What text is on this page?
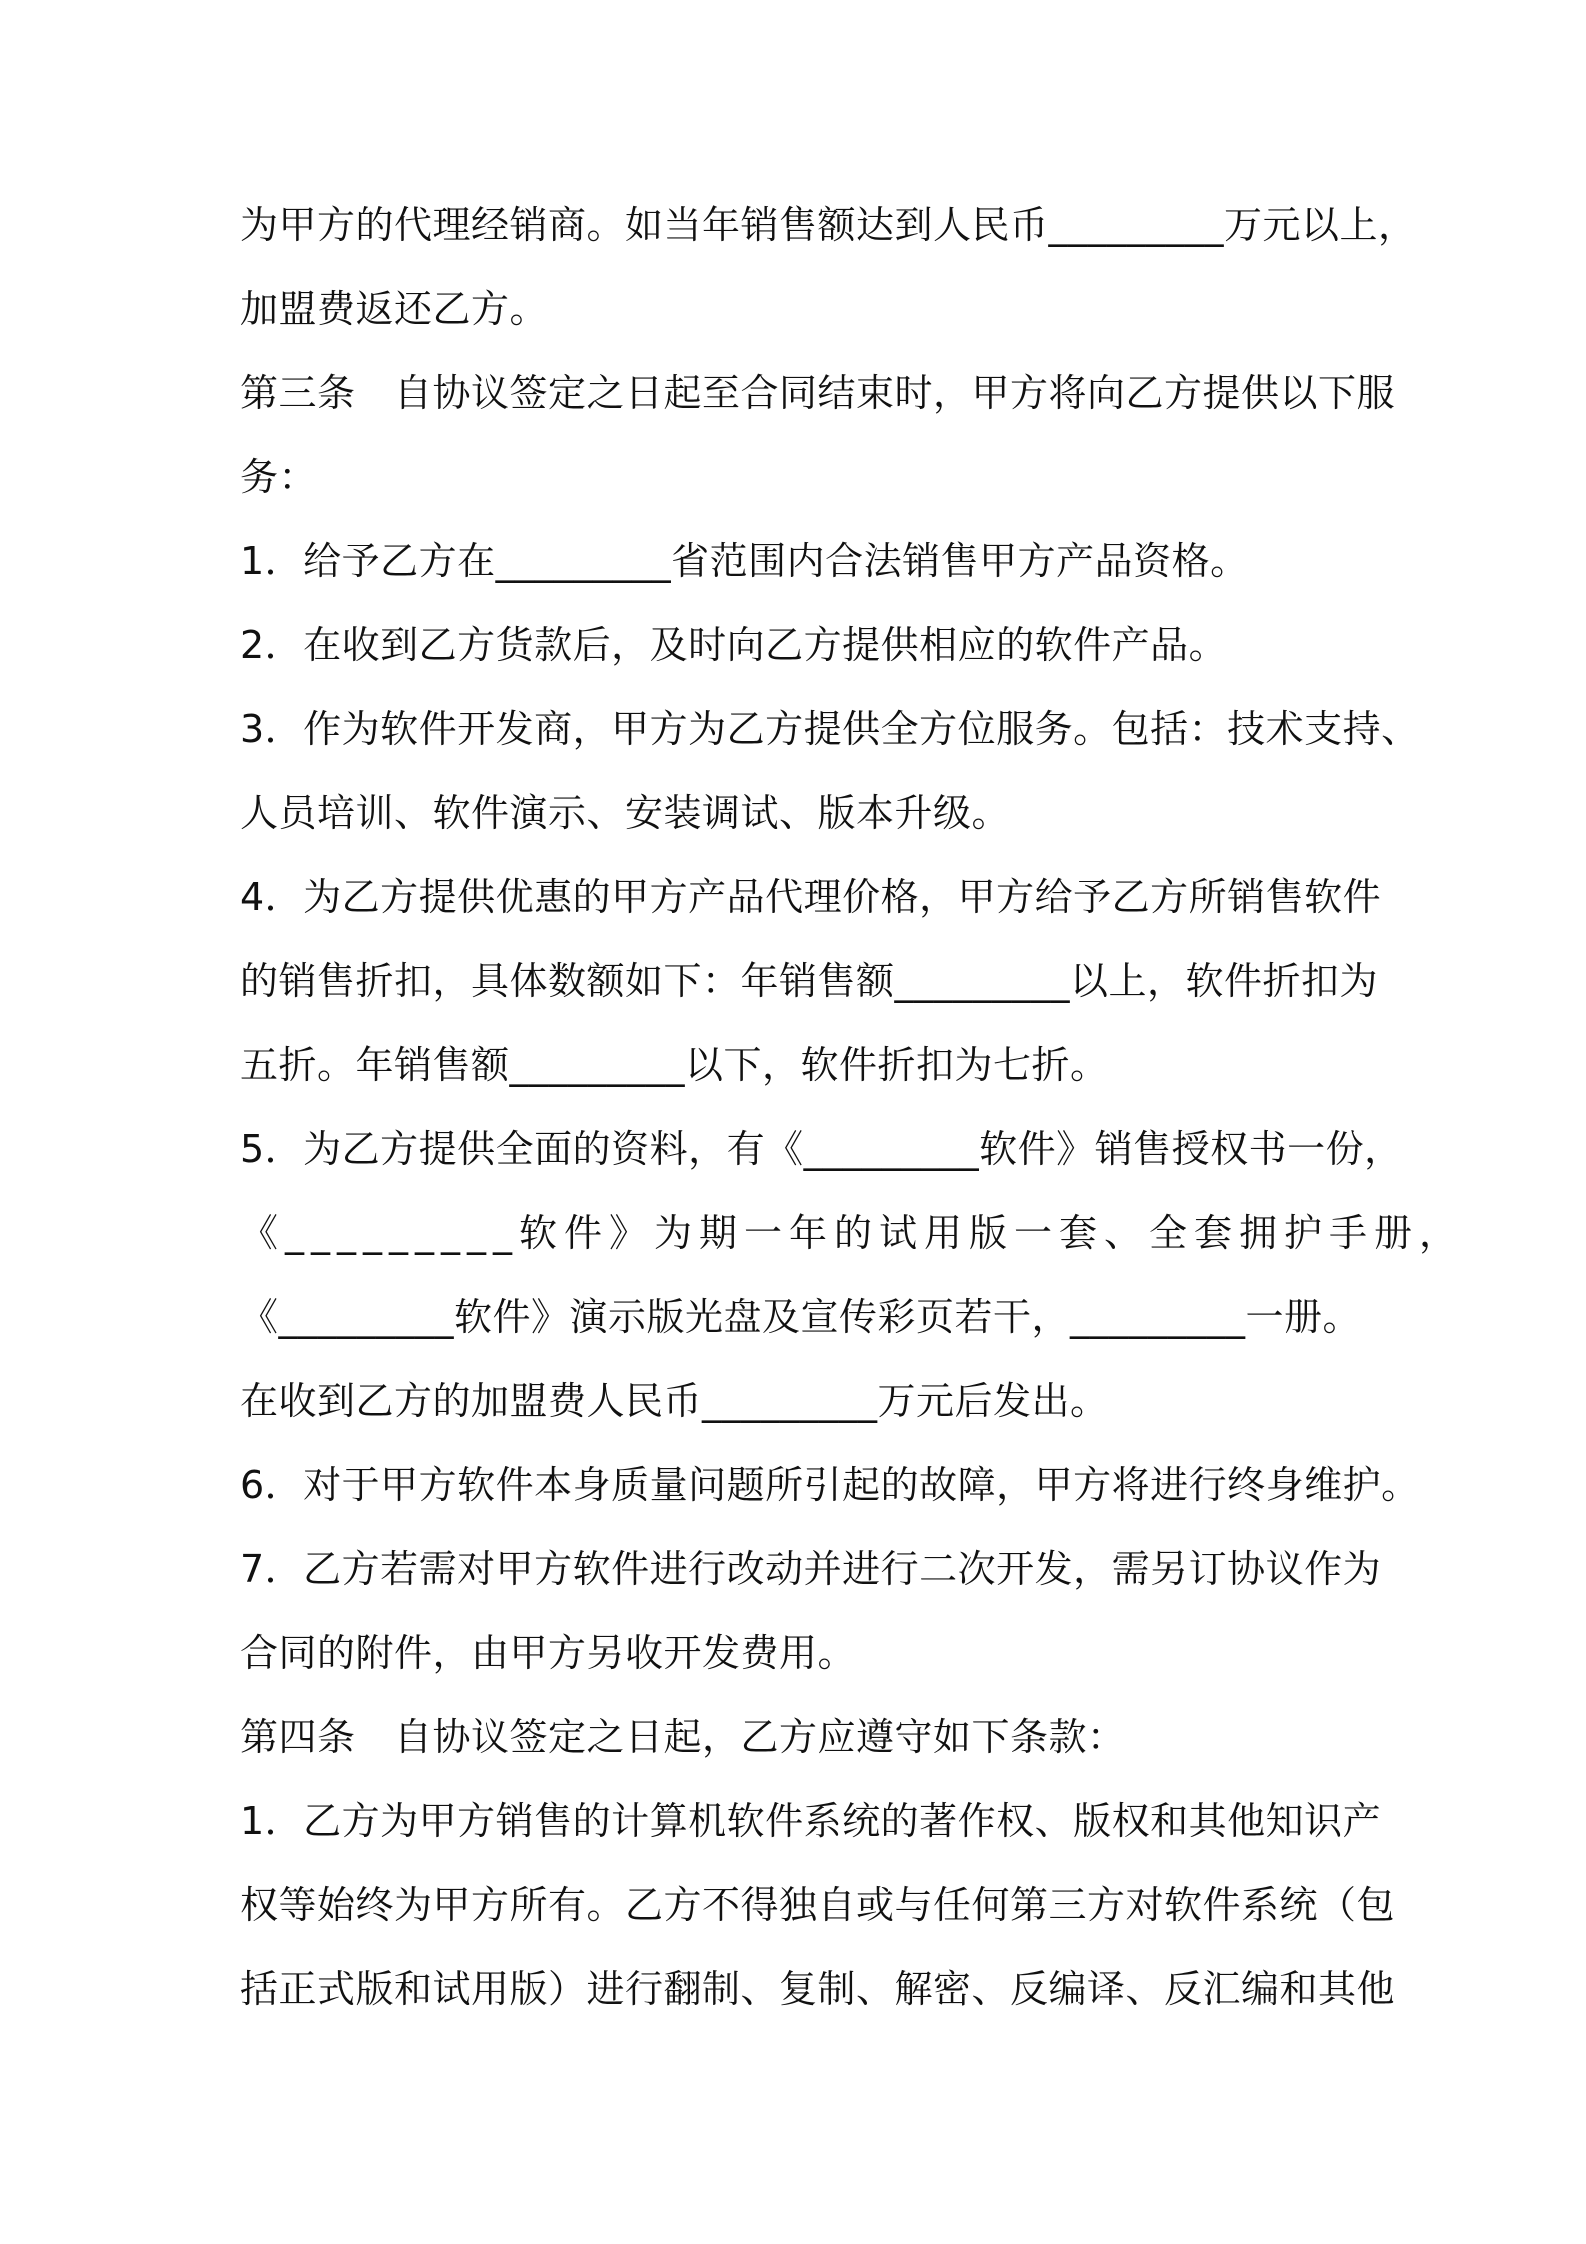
为甲方的代理经销商。如当年销售额达到人民币_________万元以上，
加盟费返还乙方。
第三条　自协议签定之日起至合同结束时，甲方将向乙方提供以下服
务：
1．给予乙方在_________省范围内合法销售甲方产品资格。
2．在收到乙方货款后，及时向乙方提供相应的软件产品。
3．作为软件开发商，甲方为乙方提供全方位服务。包括：技术支持、
人员培训、软件演示、安装调试、版本升级。
4．为乙方提供优惠的甲方产品代理价格，甲方给予乙方所销售软件
的销售折扣，具体数额如下：年销售额_________以上，软件折扣为
五折。年销售额_________以下，软件折扣为七折。
5．为乙方提供全面的资料，有《_________软件》销售授权书一份，
《_________软件》为期一年的试用版一套、全套拥护手册，
《_________软件》演示版光盘及宣传彩页若干，_________一册。
在收到乙方的加盟费人民币_________万元后发出。
6．对于甲方软件本身质量问题所引起的故障，甲方将进行终身维护。
7．乙方若需对甲方软件进行改动并进行二次开发，需另订协议作为
合同的附件，由甲方另收开发费用。
第四条　自协议签定之日起，乙方应遵守如下条款：
1．乙方为甲方销售的计算机软件系统的著作权、版权和其他知识产
权等始终为甲方所有。乙方不得独自或与任何第三方对软件系统（包
括正式版和试用版）进行翻制、复制、解密、反编译、反汇编和其他
